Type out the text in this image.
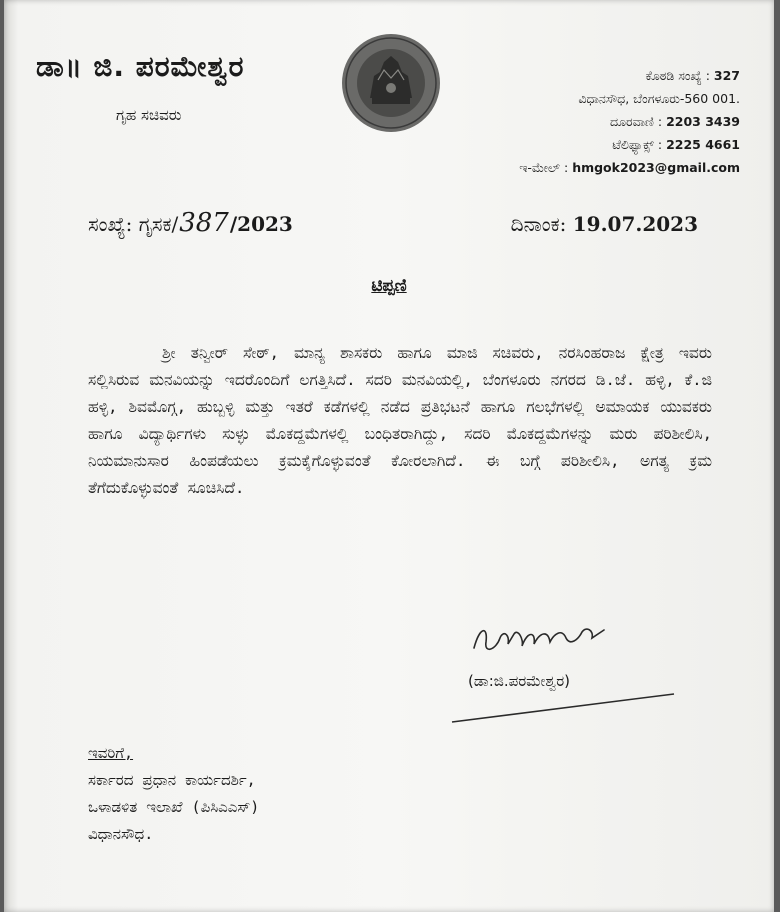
ಡಾ॥ ಜಿ. ಪರಮೇಶ್ವರ
ಗೃಹ ಸಚಿವರು
ಕೊಠಡಿ ಸಂಖ್ಯೆ : 327
ವಿಧಾನಸೌಧ, ಬೆಂಗಳೂರು-560 001.
ದೂರವಾಣಿ : 2203 3439
ಟೆಲಿಫ್ಯಾಕ್ಸ್ : 2225 4661
ಇ-ಮೇಲ್ : hmgok2023@gmail.com
ಸಂಖ್ಯೆ: ಗೃಸಕ/387/2023	ದಿನಾಂಕ: 19.07.2023
ಟಿಪ್ಪಣಿ
ಶ್ರೀ ತನ್ವೀರ್ ಸೇಠ್, ಮಾನ್ಯ ಶಾಸಕರು ಹಾಗೂ ಮಾಜಿ ಸಚಿವರು, ನರಸಿಂಹರಾಜ ಕ್ಷೇತ್ರ ಇವರು ಸಲ್ಲಿಸಿರುವ ಮನವಿಯನ್ನು ಇದರೊಂದಿಗೆ ಲಗತ್ತಿಸಿದೆ. ಸದರಿ ಮನವಿಯಲ್ಲಿ, ಬೆಂಗಳೂರು ನಗರದ ಡಿ.ಜೆ. ಹಳ್ಳಿ, ಕೆ.ಜಿ ಹಳ್ಳಿ, ಶಿವಮೊಗ್ಗ, ಹುಬ್ಬಳ್ಳಿ ಮತ್ತು ಇತರೆ ಕಡೆಗಳಲ್ಲಿ ನಡೆದ ಪ್ರತಿಭಟನೆ ಹಾಗೂ ಗಲಭೆಗಳಲ್ಲಿ ಅಮಾಯಕ ಯುವಕರು ಹಾಗೂ ವಿದ್ಯಾರ್ಥಿಗಳು ಸುಳ್ಳು ಮೊಕದ್ದಮೆಗಳಲ್ಲಿ ಬಂಧಿತರಾಗಿದ್ದು, ಸದರಿ ಮೊಕದ್ದಮೆಗಳನ್ನು ಮರು ಪರಿಶೀಲಿಸಿ, ನಿಯಮಾನುಸಾರ ಹಿಂಪಡೆಯಲು ಕ್ರಮಕೈಗೊಳ್ಳುವಂತೆ ಕೋರಲಾಗಿದೆ. ಈ ಬಗ್ಗೆ ಪರಿಶೀಲಿಸಿ, ಅಗತ್ಯ ಕ್ರಮ ತೆಗೆದುಕೊಳ್ಳುವಂತೆ ಸೂಚಿಸಿದೆ.
(ಡಾ:ಜಿ.ಪರಮೇಶ್ವರ)
ಇವರಿಗೆ,
ಸರ್ಕಾರದ ಪ್ರಧಾನ ಕಾರ್ಯದರ್ಶಿ,
ಒಳಾಡಳಿತ ಇಲಾಖೆ (ಪಿಸಿಎಎಸ್)
ವಿಧಾನಸೌಧ.
